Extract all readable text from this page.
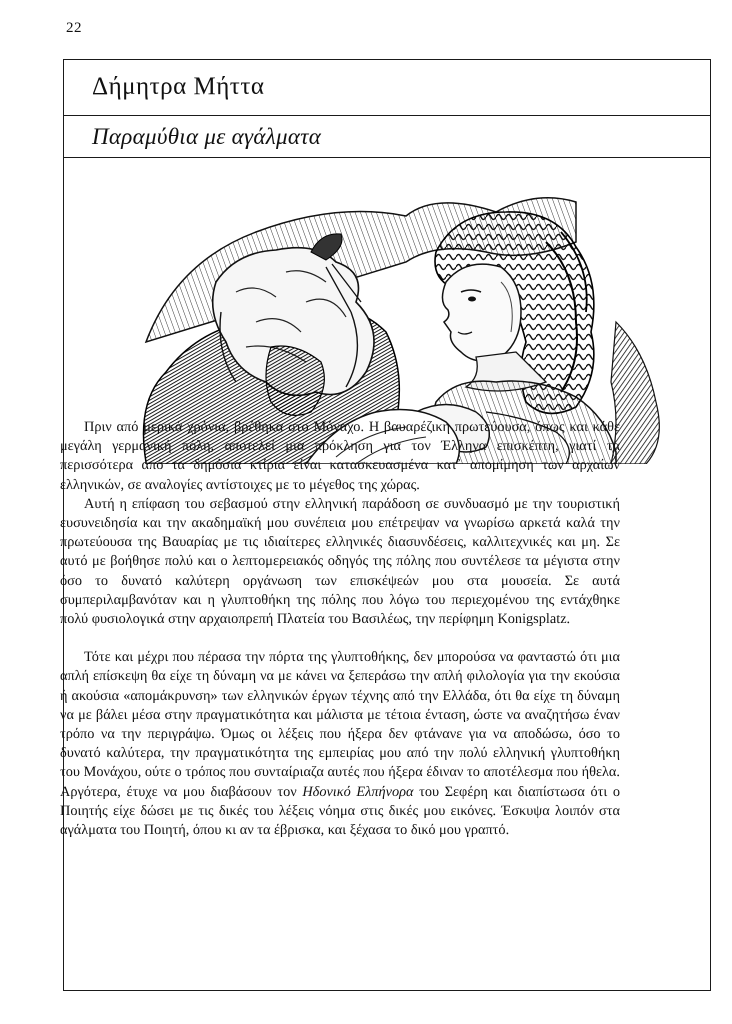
22
Δήμητρα Μήττα
Παραμύθια με αγάλματα

Πριν από μερικά χρόνια, βρέθηκα στο Μόναχο. Η βαυαρέζικη πρωτεύουσα, όπως και κάθε μεγάλη γερμανική πόλη, αποτελεί μια πρόκληση για τον Έλληνα επισκέπτη, γιατί τα περισσότερα από τα δημόσια κτίρια είναι κατασκευασμένα κατ᾽ απομίμηση των αρχαίων ελληνικών, σε αναλογίες αντίστοιχες με το μέγεθος της χώρας.

Αυτή η επίφαση του σεβασμού στην ελληνική παράδοση σε συνδυασμό με την τουριστική ευσυνειδησία και την ακαδημαϊκή μου συνέπεια μου επέτρεψαν να γνωρίσω αρκετά καλά την πρωτεύουσα της Βαυαρίας με τις ιδιαίτερες ελληνικές διασυνδέσεις, καλλιτεχνικές και μη. Σε αυτό με βοήθησε πολύ και ο λεπτομερειακός οδηγός της πόλης που συντέλεσε τα μέγιστα στην όσο το δυνατό καλύτερη οργάνωση των επισκέψεών μου στα μουσεία. Σε αυτά συμπεριλαμβανόταν και η γλυπτοθήκη της πόλης που λόγω του περιεχομένου της εντάχθηκε πολύ φυσιολογικά στην αρχαιοπρεπή Πλατεία του Βασιλέως, την περίφημη Konigsplatz.

Τότε και μέχρι που πέρασα την πόρτα της γλυπτοθήκης, δεν μπορούσα να φανταστώ ότι μια απλή επίσκεψη θα είχε τη δύναμη να με κάνει να ξεπεράσω την απλή φιλολογία για την εκούσια ή ακούσια «απομάκρυνση» των ελληνικών έργων τέχνης από την Ελλάδα, ότι θα είχε τη δύναμη να με βάλει μέσα στην πραγματικότητα και μάλιστα με τέτοια ένταση, ώστε να αναζητήσω έναν τρόπο να την περιγράψω. Όμως οι λέξεις που ήξερα δεν φτάνανε για να αποδώσω, όσο το δυνατό καλύτερα, την πραγματικότητα της εμπειρίας μου από την πολύ ελληνική γλυπτοθήκη του Μονάχου, ούτε ο τρόπος που συνταίριαζα αυτές που ήξερα έδιναν το αποτέλεσμα που ήθελα. Αργότερα, έτυχε να μου διαβάσουν τον Ηδονικό Ελπήνορα του Σεφέρη και διαπίστωσα ότι ο Ποιητής είχε δώσει με τις δικές του λέξεις νόημα στις δικές μου εικόνες. Έσκυψα λοιπόν στα αγάλματα του Ποιητή, όπου κι αν τα έβρισκα, και ξέχασα το δικό μου γραπτό.
